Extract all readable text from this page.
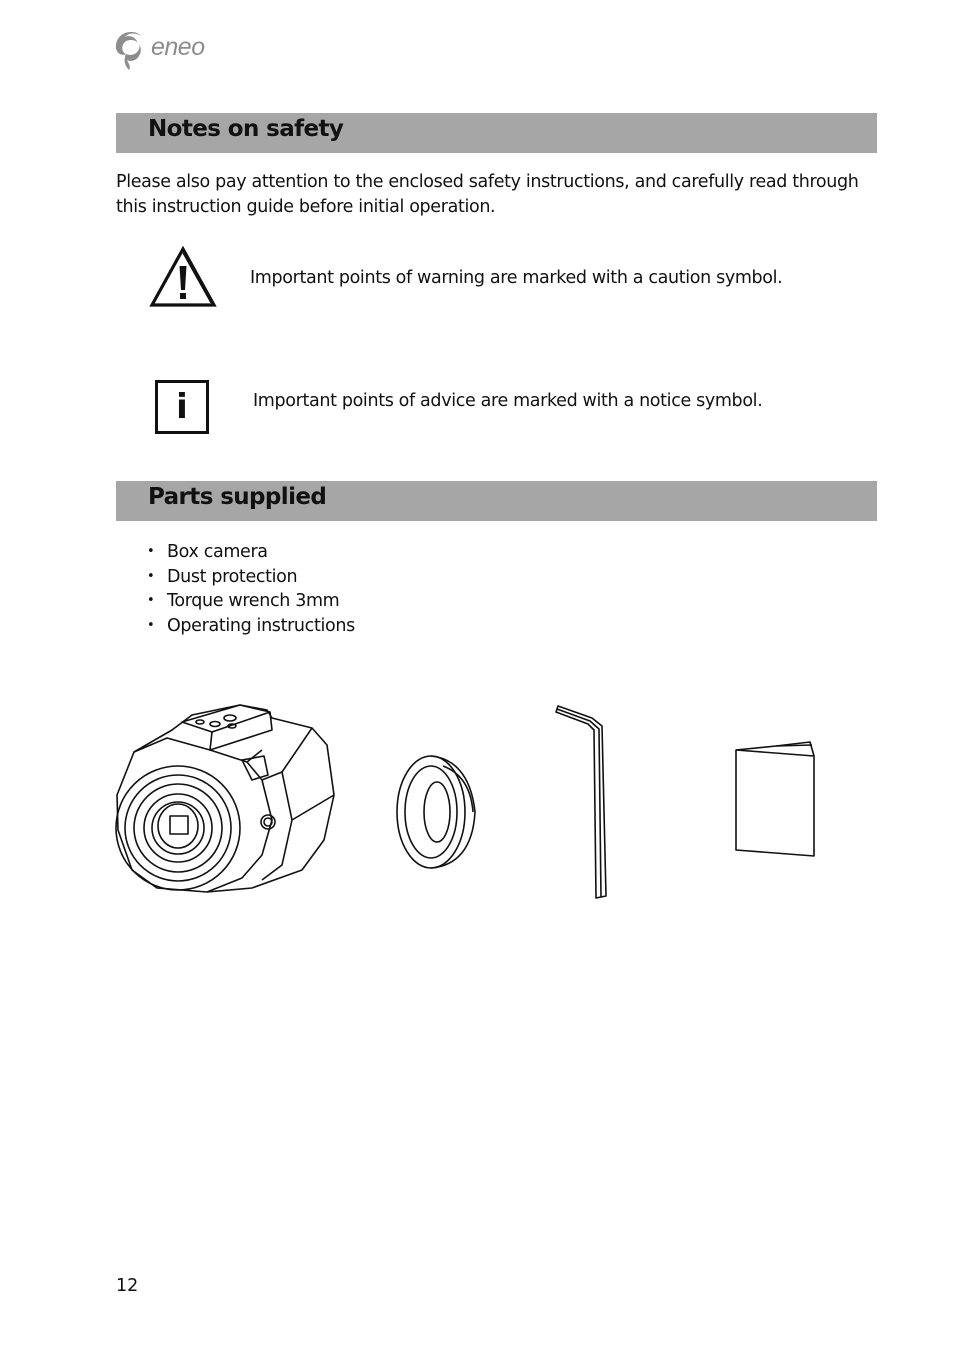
eneo
Notes on safety

Please also pay attention to the enclosed safety instructions, and carefully read through this instruction guide before initial operation.

Important points of warning are marked with a caution symbol.

i	Important points of advice are marked with a notice symbol.

Parts supplied
• Box camera
• Dust protection
• Torque wrench 3mm
• Operating instructions
12
